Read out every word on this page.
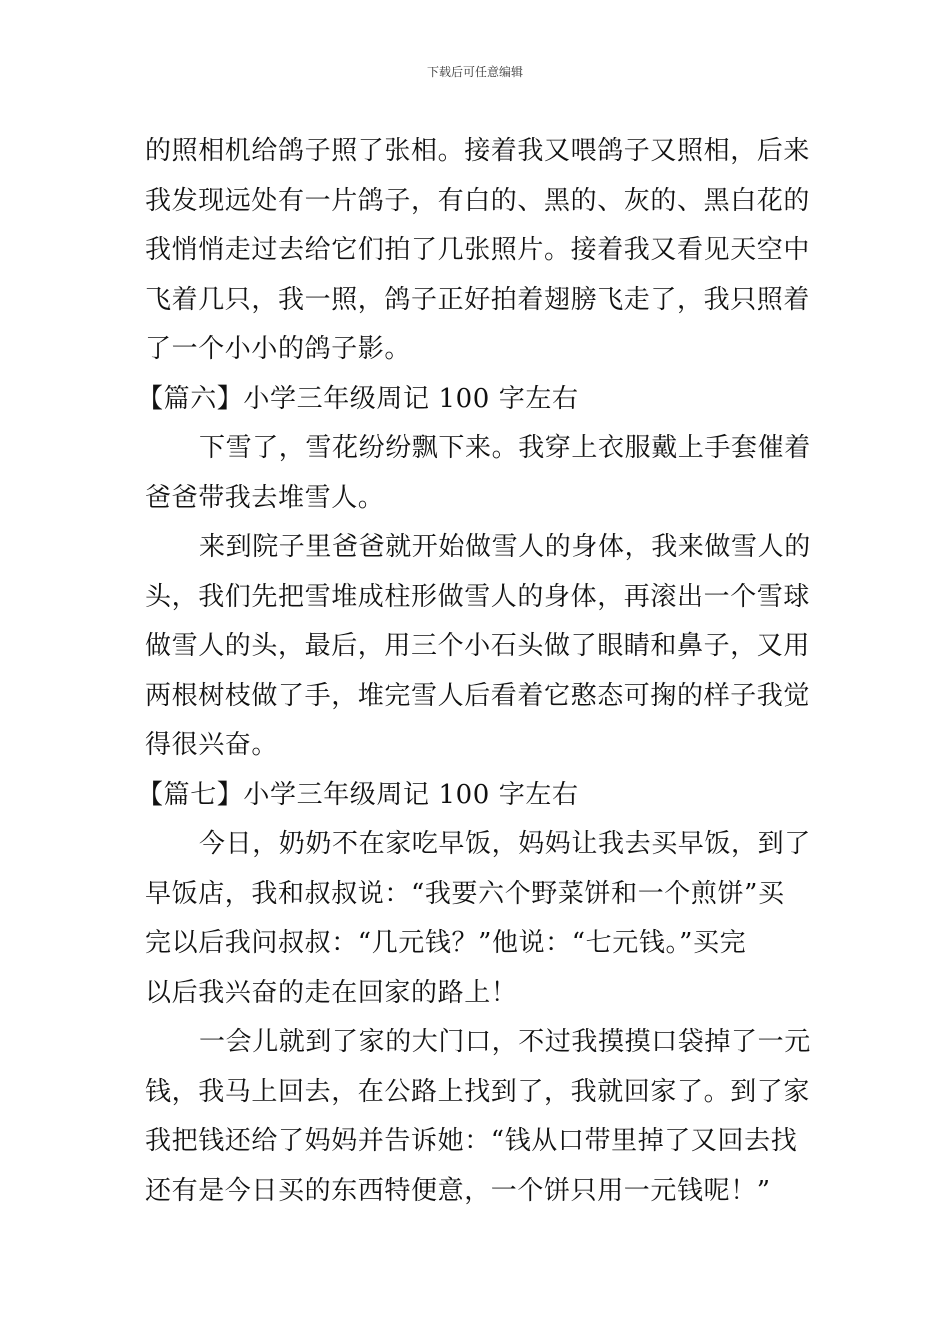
下载后可任意编辑
的照相机给鸽子照了张相。接着我又喂鸽子又照相，后来
我发现远处有一片鸽子，有白的、黑的、灰的、黑白花的
我悄悄走过去给它们拍了几张照片。接着我又看见天空中
飞着几只，我一照，鸽子正好拍着翅膀飞走了，我只照着
了一个小小的鸽子影。
【篇六】小学三年级周记 100 字左右
下雪了，雪花纷纷飘下来。我穿上衣服戴上手套催着
爸爸带我去堆雪人。
来到院子里爸爸就开始做雪人的身体，我来做雪人的
头，我们先把雪堆成柱形做雪人的身体，再滚出一个雪球
做雪人的头，最后，用三个小石头做了眼睛和鼻子，又用
两根树枝做了手，堆完雪人后看着它憨态可掬的样子我觉
得很兴奋。
【篇七】小学三年级周记 100 字左右
今日，奶奶不在家吃早饭，妈妈让我去买早饭，到了
早饭店，我和叔叔说：“我要六个野菜饼和一个煎饼”买
完以后我问叔叔：“几元钱？”他说：“七元钱。”买完
以后我兴奋的走在回家的路上！
一会儿就到了家的大门口，不过我摸摸口袋掉了一元
钱，我马上回去，在公路上找到了，我就回家了。到了家
我把钱还给了妈妈并告诉她：“钱从口带里掉了又回去找
还有是今日买的东西特便意，一个饼只用一元钱呢！”
